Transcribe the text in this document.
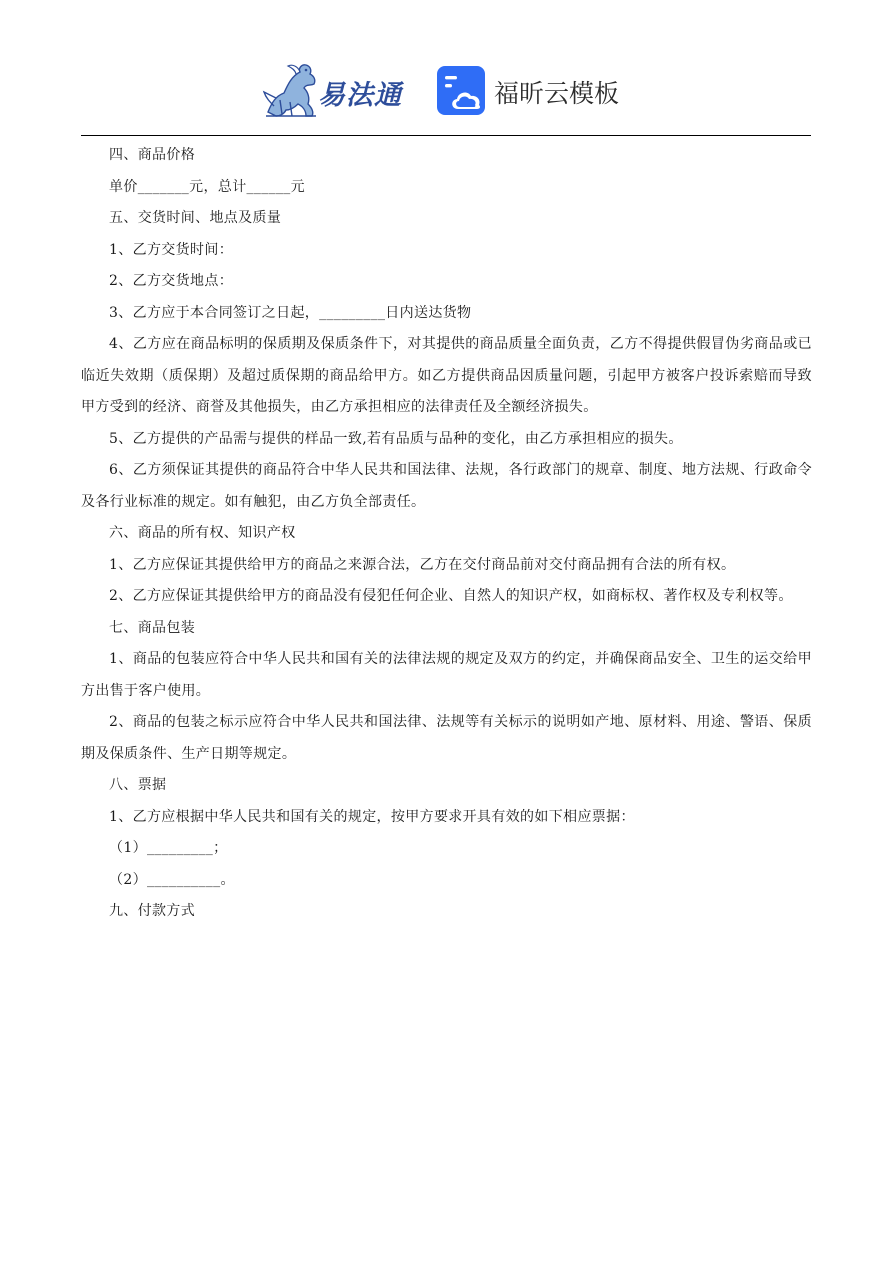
易法通	福昕云模板

四、商品价格

单价_______元，总计______元

五、交货时间、地点及质量

1、乙方交货时间：

2、乙方交货地点：

3、乙方应于本合同签订之日起，_________日内送达货物

4、乙方应在商品标明的保质期及保质条件下，对其提供的商品质量全面负责，乙方不得提供假冒伪劣商品或已临近失效期（质保期）及超过质保期的商品给甲方。如乙方提供商品因质量问题，引起甲方被客户投诉索赔而导致甲方受到的经济、商誉及其他损失，由乙方承担相应的法律责任及全额经济损失。

5、乙方提供的产品需与提供的样品一致,若有品质与品种的变化，由乙方承担相应的损失。

6、乙方须保证其提供的商品符合中华人民共和国法律、法规，各行政部门的规章、制度、地方法规、行政命令及各行业标准的规定。如有触犯，由乙方负全部责任。

六、商品的所有权、知识产权

1、乙方应保证其提供给甲方的商品之来源合法，乙方在交付商品前对交付商品拥有合法的所有权。

2、乙方应保证其提供给甲方的商品没有侵犯任何企业、自然人的知识产权，如商标权、著作权及专利权等。

七、商品包装

1、商品的包装应符合中华人民共和国有关的法律法规的规定及双方的约定，并确保商品安全、卫生的运交给甲方出售于客户使用。

2、商品的包装之标示应符合中华人民共和国法律、法规等有关标示的说明如产地、原材料、用途、警语、保质期及保质条件、生产日期等规定。

八、票据

1、乙方应根据中华人民共和国有关的规定，按甲方要求开具有效的如下相应票据：

（1）_________；

（2）__________。

九、付款方式
